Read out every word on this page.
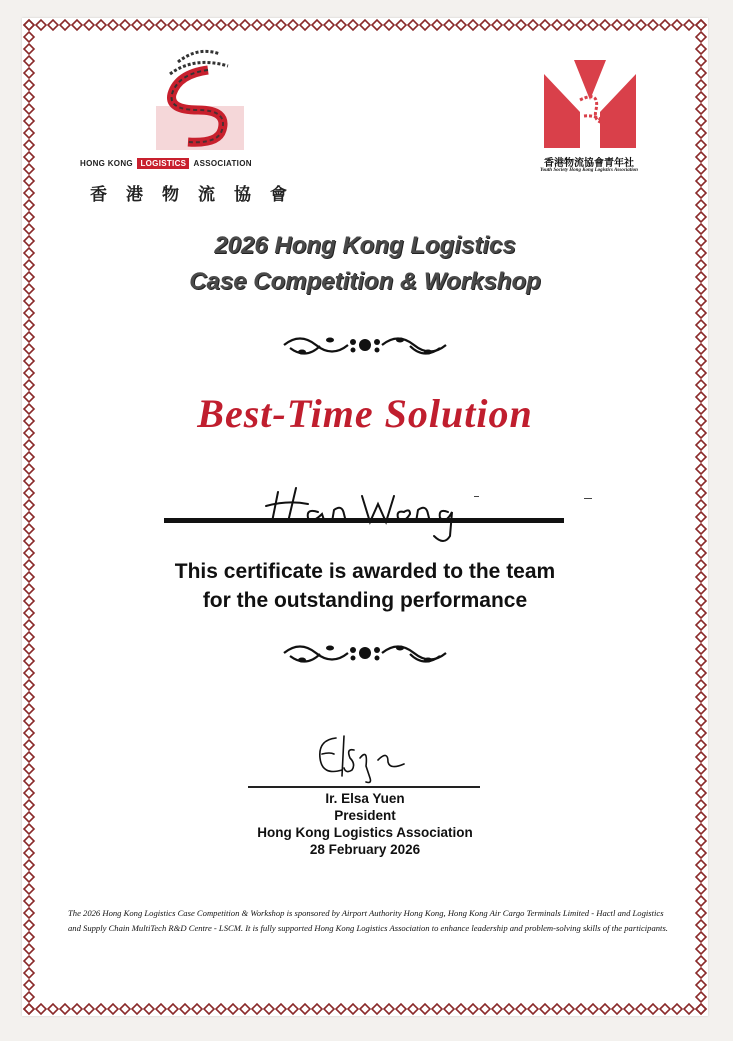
HONG KONG LOGISTICS ASSOCIATION
香港物流協會
香港物流協會青年社
Youth Society Hong Kong Logistics Association
2026 Hong Kong Logistics
Case Competition & Workshop
Best-Time Solution
This certificate is awarded to the team
for the outstanding performance
Ir. Elsa Yuen
President
Hong Kong Logistics Association
28 February 2026
The 2026 Hong Kong Logistics Case Competition & Workshop is sponsored by Airport Authority Hong Kong, Hong Kong Air Cargo Terminals Limited - Hactl and Logistics and Supply Chain MultiTech R&D Centre - LSCM. It is fully supported Hong Kong Logistics Association to enhance leadership and problem-solving skills of the participants.
